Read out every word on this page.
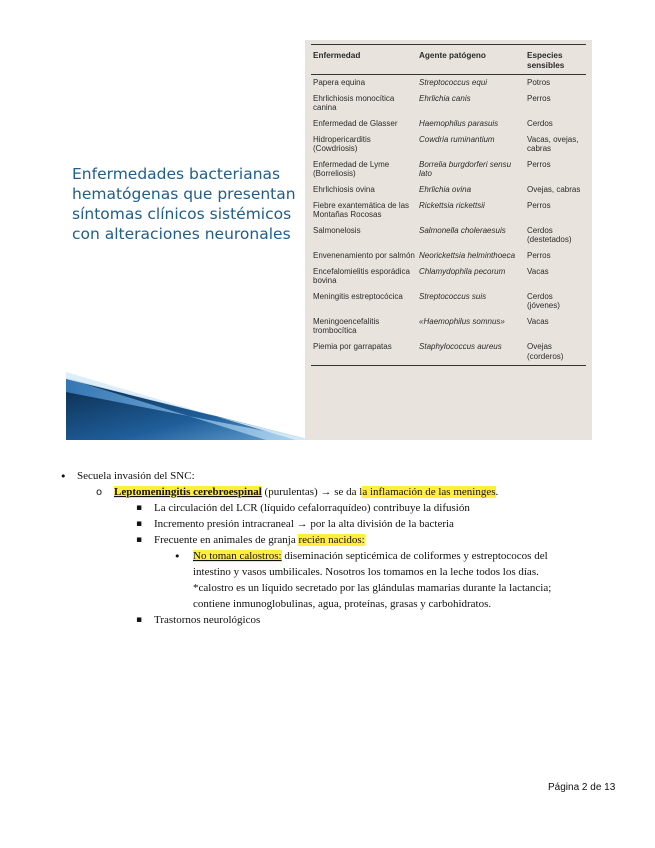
Enfermedades bacterianas
hematógenas que presentan
síntomas clínicos sistémicos
con alteraciones neuronales
Enfermedad	Agente patógeno	Especies sensibles
Papera equina	Streptococcus equi	Potros
Ehrlichiosis monocítica canina	Ehrlichia canis	Perros
Enfermedad de Glasser	Haemophilus parasuis	Cerdos
Hidropericarditis (Cowdriosis)	Cowdria ruminantium	Vacas, ovejas, cabras
Enfermedad de Lyme (Borreliosis)	Borrelia burgdorferi sensu lato	Perros
Ehrlichiosis ovina	Ehrlichia ovina	Ovejas, cabras
Fiebre exantemática de las Montañas Rocosas	Rickettsia rickettsii	Perros
Salmonelosis	Salmonella choleraesuis	Cerdos (destetados)
Envenenamiento por salmón	Neorickettsia helminthoeca	Perros
Encefalomielitis esporádica bovina	Chlamydophila pecorum	Vacas
Meningitis estreptocócica	Streptococcus suis	Cerdos (jóvenes)
Meningoencefalitis trombocítica	«Haemophilus somnus»	Vacas
Piemia por garrapatas	Staphylococcus aureus	Ovejas (corderos)
• Secuela invasión del SNC:
o Leptomeningitis cerebroespinal (purulentas) → se da la inflamación de las meninges.
▪ La circulación del LCR (líquido cefalorraquídeo) contribuye la difusión
▪ Incremento presión intracraneal → por la alta división de la bacteria
▪ Frecuente en animales de granja recién nacidos:
• No toman calostros: diseminación septicémica de coliformes y estreptococos del
intestino y vasos umbilicales. Nosotros los tomamos en la leche todos los días.
*calostro es un líquido secretado por las glándulas mamarias durante la lactancia;
contiene inmunoglobulinas, agua, proteínas, grasas y carbohidratos.
▪ Trastornos neurológicos
Página 2 de 13
